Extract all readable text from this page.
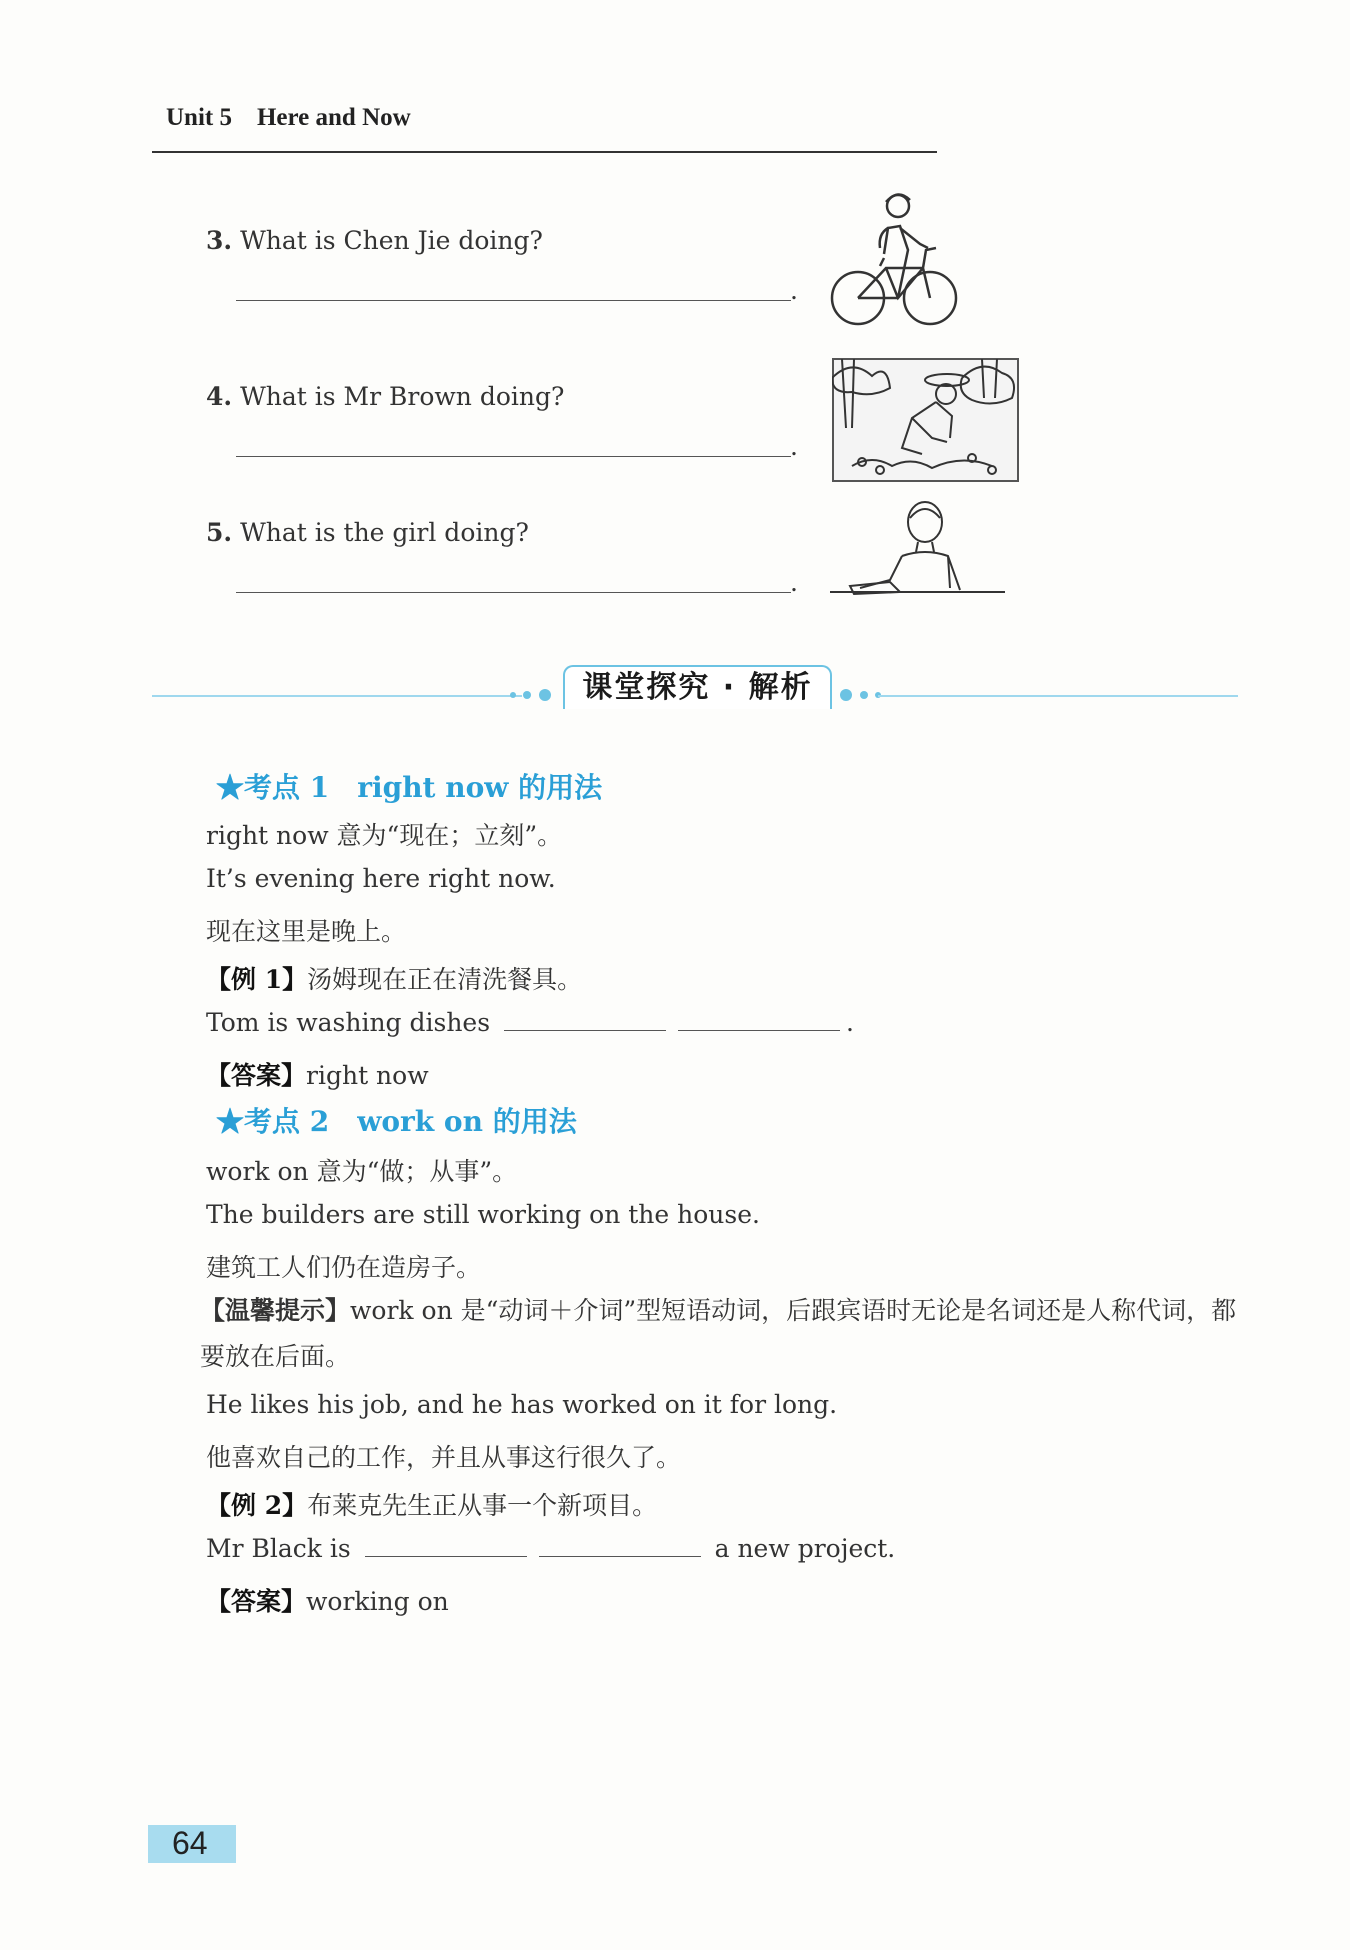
Unit 5 Here and Now
3. What is Chen Jie doing?
.
4. What is Mr Brown doing?
.
5. What is the girl doing?
.
课堂探究 · 解析
★考点 1　right now 的用法
right now 意为“现在；立刻”。
It’s evening here right now.
现在这里是晚上。
【例 1】汤姆现在正在清洗餐具。
Tom is washing dishes	.
【答案】right now
★考点 2　work on 的用法
work on 意为“做；从事”。
The builders are still working on the house.
建筑工人们仍在造房子。
【温馨提示】work on 是“动词＋介词”型短语动词，后跟宾语时无论是名词还是人称代词，都要放在后面。
He likes his job, and he has worked on it for long.
他喜欢自己的工作，并且从事这行很久了。
【例 2】布莱克先生正从事一个新项目。
Mr Black is	a new project.
【答案】working on
64
